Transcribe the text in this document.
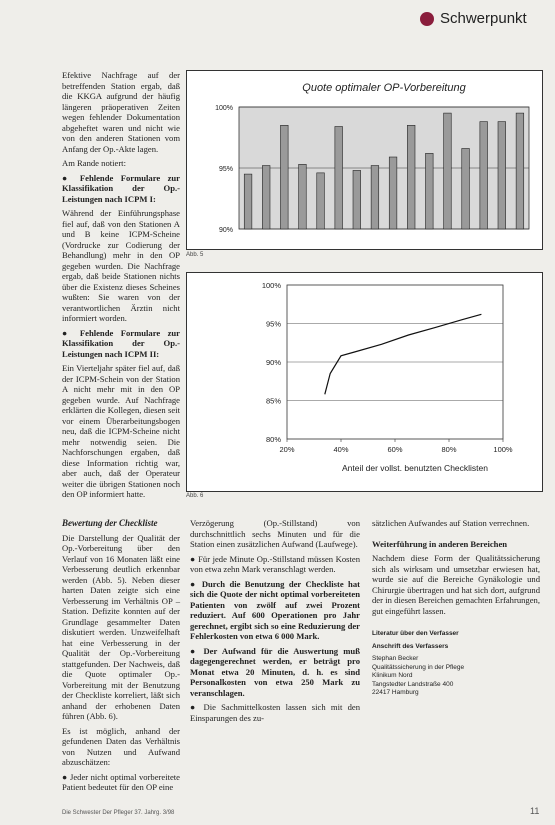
Schwerpunkt

Efektive Nachfrage auf der betreffenden Station ergab, daß die KKGA aufgrund der häufig längeren präoperativen Zeiten wegen fehlender Dokumentation abgeheftet waren und nicht wie von den anderen Stationen vom Anfang der Op.-Akte lagen.

Am Rande notiert:

● Fehlende Formulare zur Klassifikation der Op.-Leistungen nach ICPM I:

Während der Einführungsphase fiel auf, daß von den Stationen A und B keine ICPM-Scheine (Vordrucke zur Codierung der Behandlung) mehr in den OP gegeben wurden. Die Nachfrage ergab, daß beide Stationen nichts über die Existenz dieses Scheines wußten: Sie waren von der verantwortlichen Ärztin nicht informiert worden.

● Fehlende Formulare zur Klassifikation der Op.-Leistungen nach ICPM II:

Ein Vierteljahr später fiel auf, daß der ICPM-Schein von der Station A nicht mehr mit in den OP gegeben wurde. Auf Nachfrage erklärten die Kollegen, diesen seit vor einem Überarbeitungsbogen neu, daß die ICPM-Scheine nicht mehr notwendig seien. Die Nachforschungen ergaben, daß diese Information richtig war, aber auch, daß der Operateur weiter die übrigen Stationen noch den OP informiert hatte.

Quote optimaler OP-Vorbereitung
100%
95%
90%
Abb. 5
100%
95%
90%
85%
80%
20%	40%	60%	80%	100%
Anteil der vollst. benutzten Checklisten
Abb. 6

Bewertung der Checkliste

Die Darstellung der Qualität der Op.-Vorbereitung über den Verlauf von 16 Monaten läßt eine Verbesserung deutlich erkennbar werden (Abb. 5). Neben dieser harten Daten zeigte sich eine Verbesserung im Verhältnis OP – Station. Defizite konnten auf der Grundlage gesammelter Daten diskutiert werden. Unzweifelhaft hat eine Verbesserung in der Qualität der Op.-Vorbereitung stattgefunden. Der Nachweis, daß die Quote optimaler Op.-Vorbereitung mit der Benutzung der Checkliste korreliert, läßt sich anhand der erhobenen Daten führen (Abb. 6).

Es ist möglich, anhand der gefundenen Daten das Verhältnis von Nutzen und Aufwand abzuschätzen:

● Jeder nicht optimal vorbereitete Patient bedeutet für den OP eine

Verzögerung (Op.-Stillstand) von durchschnittlich sechs Minuten und für die Station einen zusätzlichen Aufwand (Laufwege).

● Für jede Minute Op.-Stillstand müssen Kosten von etwa zehn Mark veranschlagt werden.

● Durch die Benutzung der Checkliste hat sich die Quote der nicht optimal vorbereiteten Patienten von zwölf auf zwei Prozent reduziert. Auf 600 Operationen pro Jahr gerechnet, ergibt sich so eine Reduzierung der Fehlerkosten von etwa 6 000 Mark.

● Der Aufwand für die Auswertung muß dagegengerechnet werden, er beträgt pro Monat etwa 20 Minuten, d. h. es sind Personalkosten von etwa 250 Mark zu veranschlagen.

● Die Sachmittelkosten lassen sich mit den Einsparungen des zu-

sätzlichen Aufwandes auf Station verrechnen.

Weiterführung in anderen Bereichen

Nachdem diese Form der Qualitätssicherung sich als wirksam und umsetzbar erwiesen hat, wurde sie auf die Bereiche Gynäkologie und Chirurgie übertragen und hat sich dort, aufgrund der in diesen Bereichen gemachten Erfahrungen, gut eingeführt lassen.

Literatur über den Verfasser

Anschrift des Verfassers

Stephan Becker
Qualitätssicherung in der Pflege
Klinikum Nord
Tangstedter Landstraße 400
22417 Hamburg
Die Schwester Der Pfleger 37. Jahrg. 3/98	11
